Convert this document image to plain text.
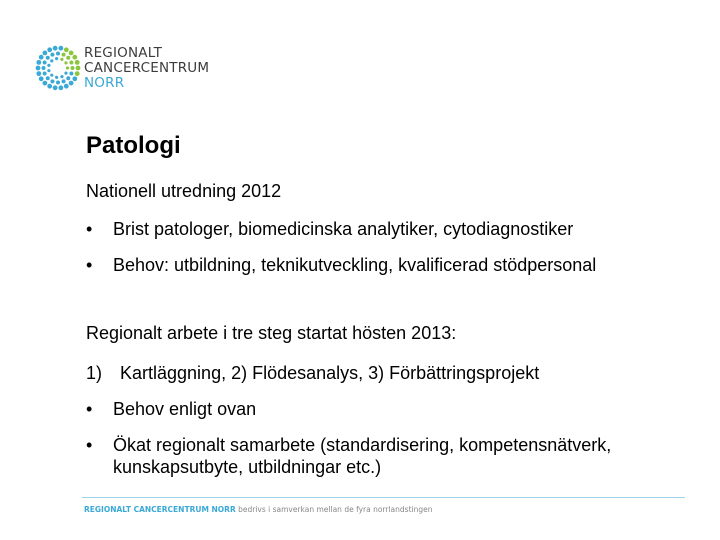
REGIONALT
CANCERCENTRUM
NORR
Patologi

Nationell utredning 2012

•	Brist patologer, biomedicinska analytiker, cytodiagnostiker
•	Behov: utbildning, teknikutveckling, kvalificerad stödpersonal

Regionalt arbete i tre steg startat hösten 2013:

1) Kartläggning, 2) Flödesanalys, 3) Förbättringsprojekt
•	Behov enligt ovan
•	Ökat regionalt samarbete (standardisering, kompetensnätverk, kunskapsutbyte, utbildningar etc.)
REGIONALT CANCERCENTRUM NORR bedrivs i samverkan mellan de fyra norrlandstingen
